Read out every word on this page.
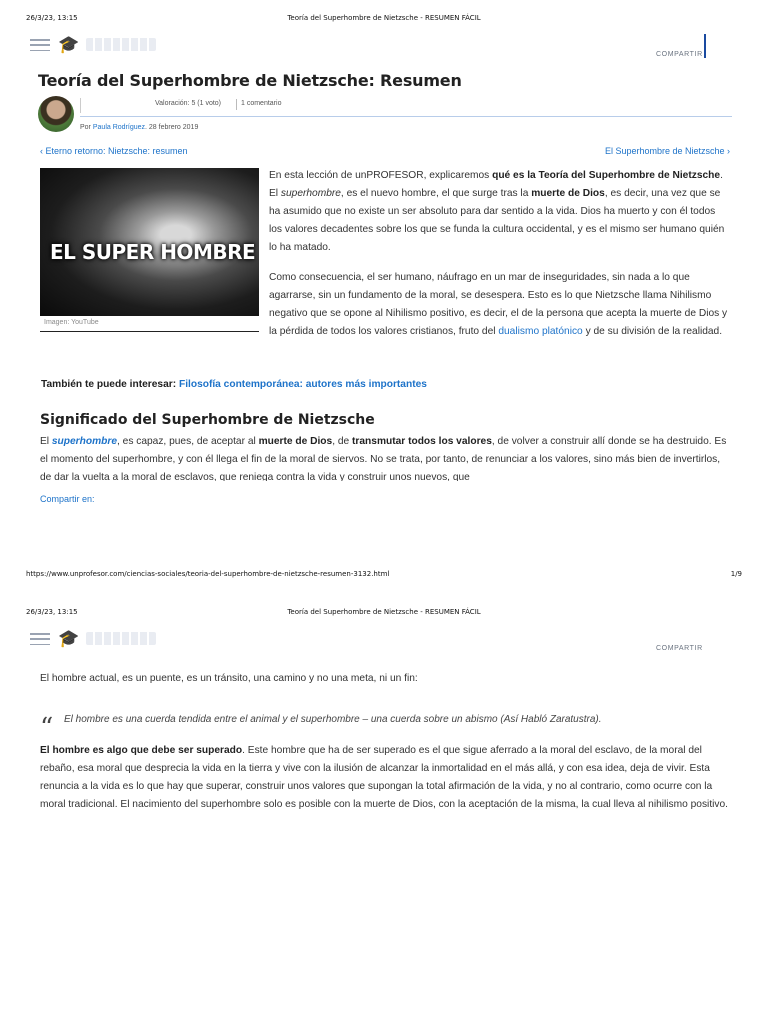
26/3/23, 13:15	Teoría del Superhombre de Nietzsche - RESUMEN FÁCIL
🎓
COMPARTIR
Teoría del Superhombre de Nietzsche: Resumen
Valoración: 5 (1 voto)	1 comentario
Por Paula Rodríguez. 28 febrero 2019
‹ Eterno retorno: Nietzsche: resumen	El Superhombre de Nietzsche ›
EL SUPER HOMBRE
Imagen: YouTube

En esta lección de unPROFESOR, explicaremos qué es la Teoría del Superhombre de Nietzsche. El superhombre, es el nuevo hombre, el que surge tras la muerte de Dios, es decir, una vez que se ha asumido que no existe un ser absoluto para dar sentido a la vida. Dios ha muerto y con él todos los valores decadentes sobre los que se funda la cultura occidental, y es el mismo ser humano quién lo ha matado.

Como consecuencia, el ser humano, náufrago en un mar de inseguridades, sin nada a lo que agarrarse, sin un fundamento de la moral, se desespera. Esto es lo que Nietzsche llama Nihilismo negativo que se opone al Nihilismo positivo, es decir, el de la persona que acepta la muerte de Dios y la pérdida de todos los valores cristianos, fruto del dualismo platónico y de su división de la realidad.

También te puede interesar: Filosofía contemporánea: autores más importantes
Significado del Superhombre de Nietzsche

El superhombre, es capaz, pues, de aceptar al muerte de Dios, de transmutar todos los valores, de volver a construir allí donde se ha destruido. Es el momento del superhombre, y con él llega el fin de la moral de siervos. No se trata, por tanto, de renunciar a los valores, sino más bien de invertirlos, de dar la vuelta a la moral de esclavos, que reniega contra la vida y construir unos nuevos, que

Compartir en:
https://www.unprofesor.com/ciencias-sociales/teoria-del-superhombre-de-nietzsche-resumen-3132.html	1/9
26/3/23, 13:15	Teoría del Superhombre de Nietzsche - RESUMEN FÁCIL
🎓
COMPARTIR

El hombre actual, es un puente, es un tránsito, una camino y no una meta, ni un fin:

“ El hombre es una cuerda tendida entre el animal y el superhombre – una cuerda sobre un abismo (Así Habló Zaratustra).

El hombre es algo que debe ser superado. Este hombre que ha de ser superado es el que sigue aferrado a la moral del esclavo, de la moral del rebaño, esa moral que desprecia la vida en la tierra y vive con la ilusión de alcanzar la inmortalidad en el más allá, y con esa idea, deja de vivir. Esta renuncia a la vida es lo que hay que superar, construir unos valores que supongan la total afirmación de la vida, y no al contrario, como ocurre con la moral tradicional. El nacimiento del superhombre solo es posible con la muerte de Dios, con la aceptación de la misma, la cual lleva al nihilismo positivo.
